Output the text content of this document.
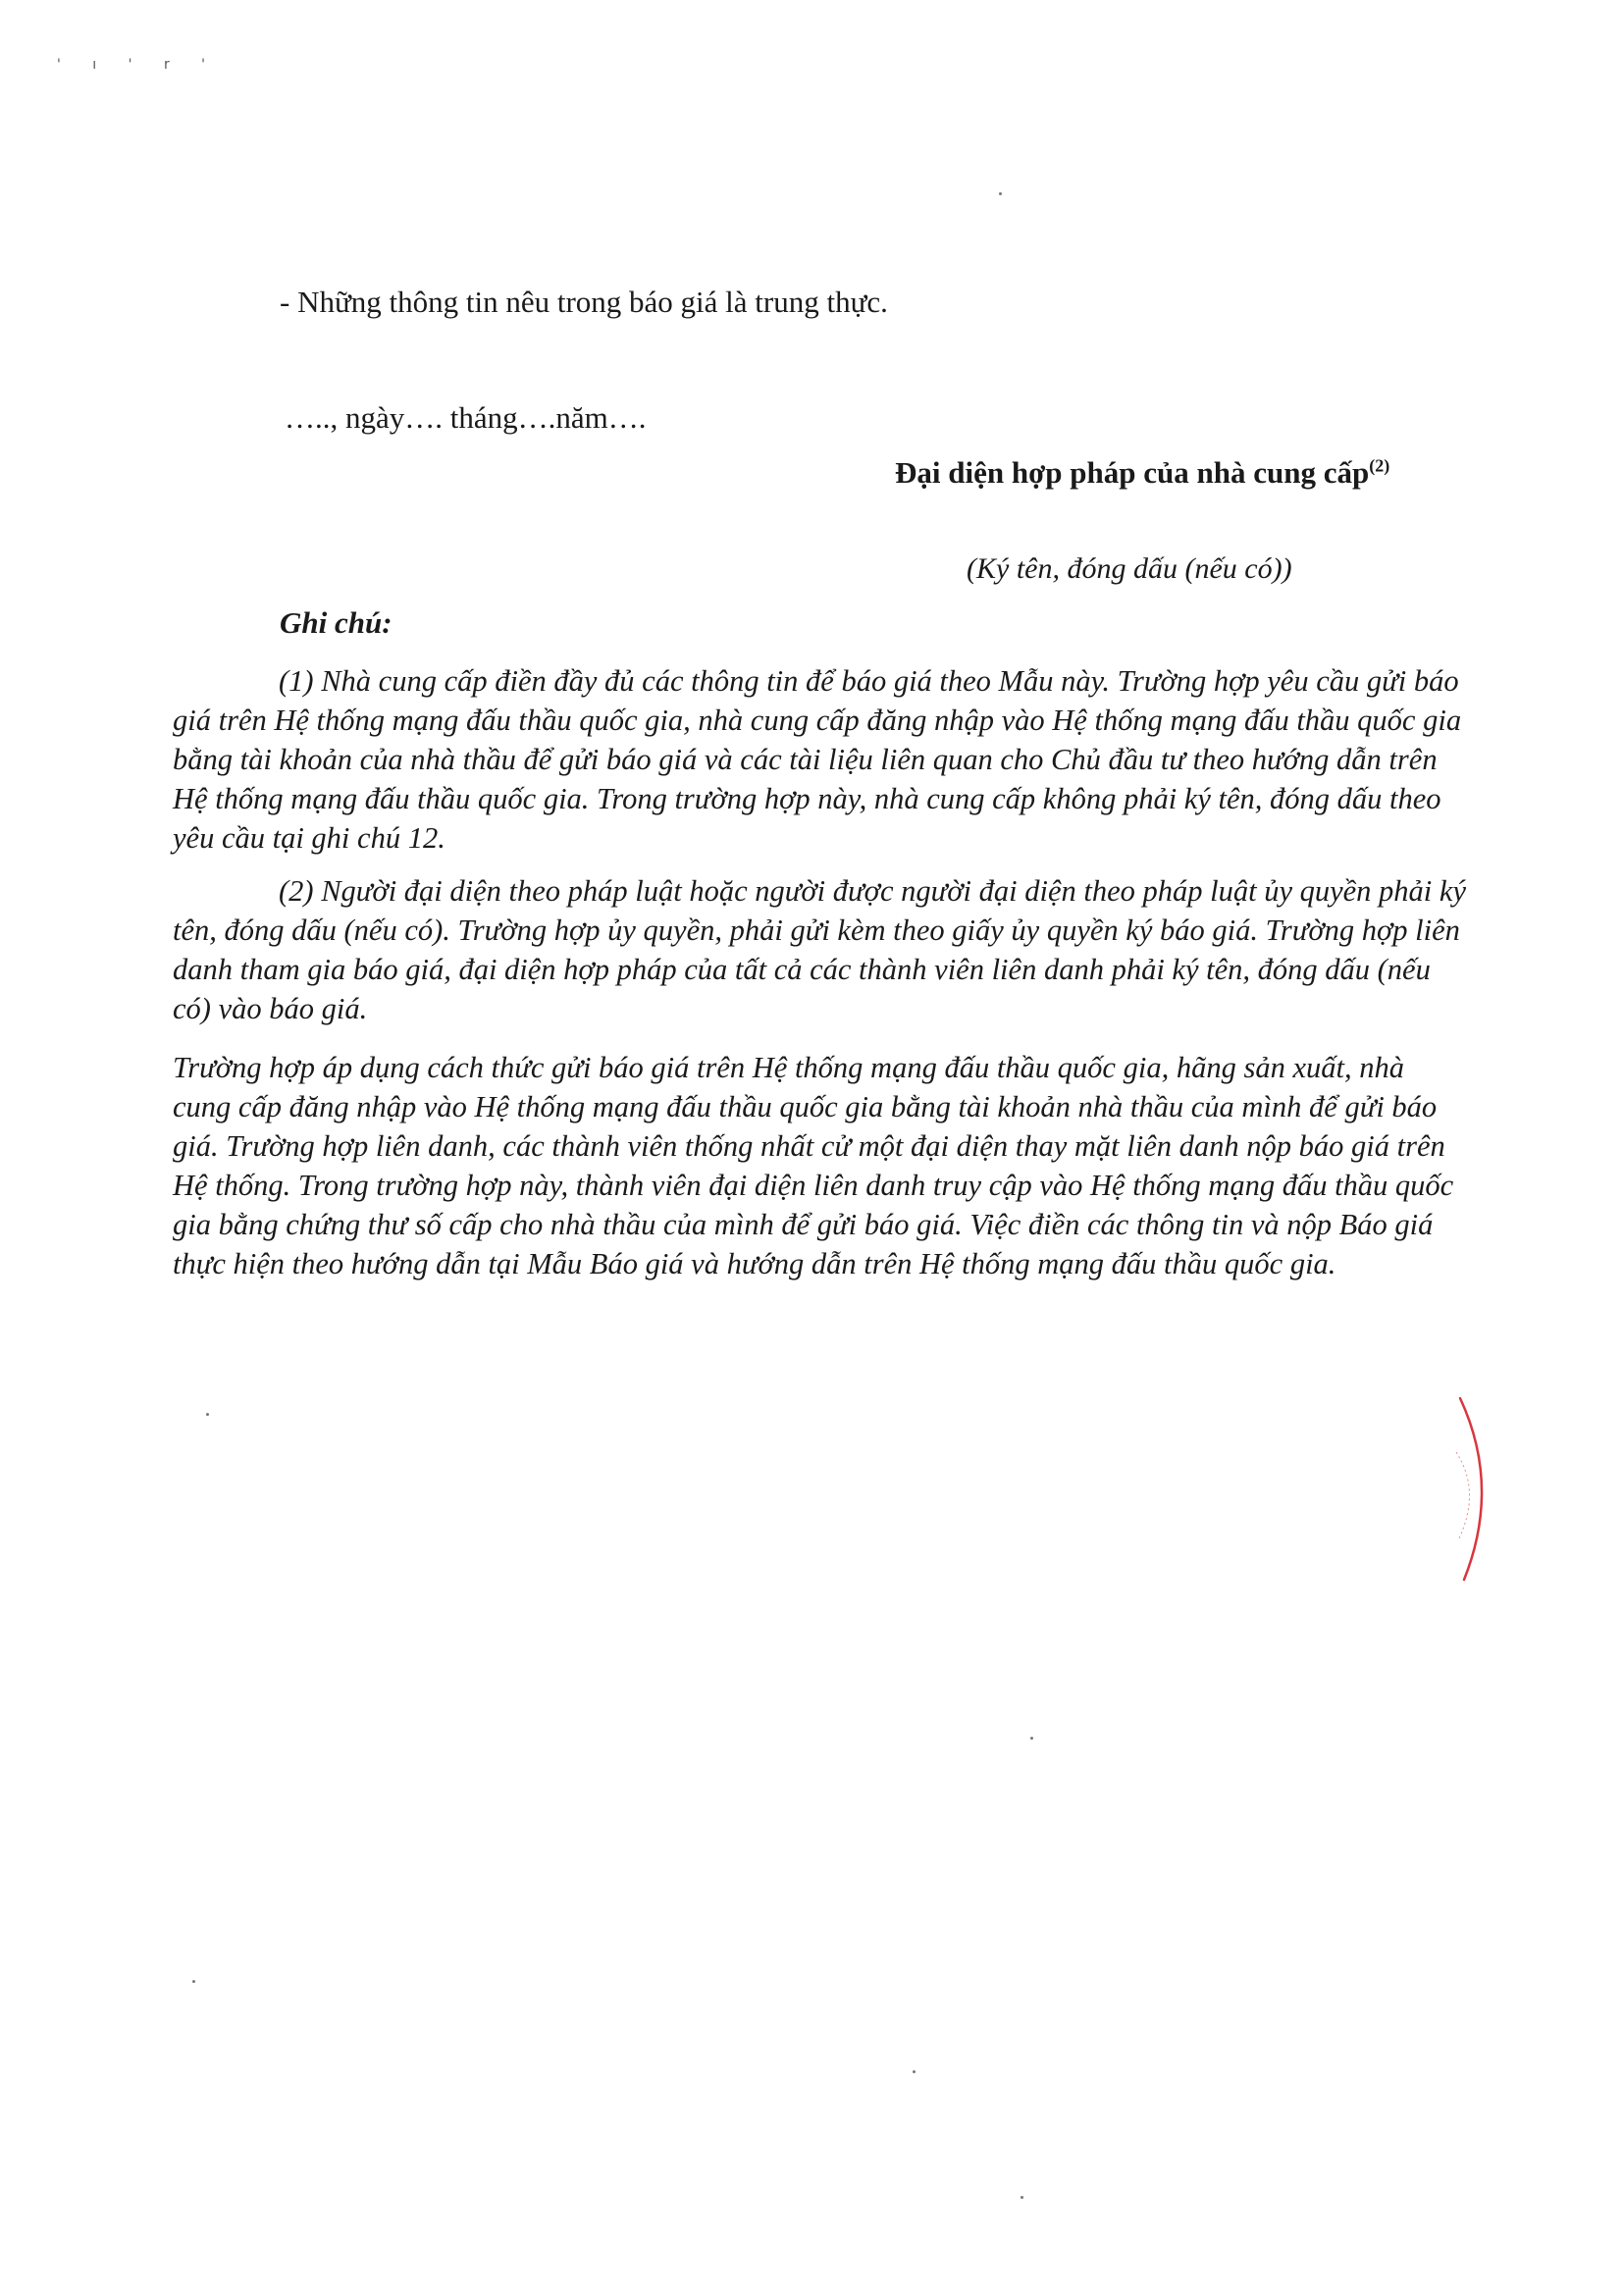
' ı ' r '
- Những thông tin nêu trong báo giá là trung thực.
….., ngày…. tháng….năm….
Đại diện hợp pháp của nhà cung cấp$^{(2)}$
(Ký tên, đóng dấu (nếu có))
Ghi chú:

(1) Nhà cung cấp điền đầy đủ các thông tin để báo giá theo Mẫu này. Trường hợp yêu cầu gửi báo giá trên Hệ thống mạng đấu thầu quốc gia, nhà cung cấp đăng nhập vào Hệ thống mạng đấu thầu quốc gia bằng tài khoản của nhà thầu để gửi báo giá và các tài liệu liên quan cho Chủ đầu tư theo hướng dẫn trên Hệ thống mạng đấu thầu quốc gia. Trong trường hợp này, nhà cung cấp không phải ký tên, đóng dấu theo yêu cầu tại ghi chú 12.

(2) Người đại diện theo pháp luật hoặc người được người đại diện theo pháp luật ủy quyền phải ký tên, đóng dấu (nếu có). Trường hợp ủy quyền, phải gửi kèm theo giấy ủy quyền ký báo giá. Trường hợp liên danh tham gia báo giá, đại diện hợp pháp của tất cả các thành viên liên danh phải ký tên, đóng dấu (nếu có) vào báo giá.

Trường hợp áp dụng cách thức gửi báo giá trên Hệ thống mạng đấu thầu quốc gia, hãng sản xuất, nhà cung cấp đăng nhập vào Hệ thống mạng đấu thầu quốc gia bằng tài khoản nhà thầu của mình để gửi báo giá. Trường hợp liên danh, các thành viên thống nhất cử một đại diện thay mặt liên danh nộp báo giá trên Hệ thống. Trong trường hợp này, thành viên đại diện liên danh truy cập vào Hệ thống mạng đấu thầu quốc gia bằng chứng thư số cấp cho nhà thầu của mình để gửi báo giá. Việc điền các thông tin và nộp Báo giá thực hiện theo hướng dẫn tại Mẫu Báo giá và hướng dẫn trên Hệ thống mạng đấu thầu quốc gia.
